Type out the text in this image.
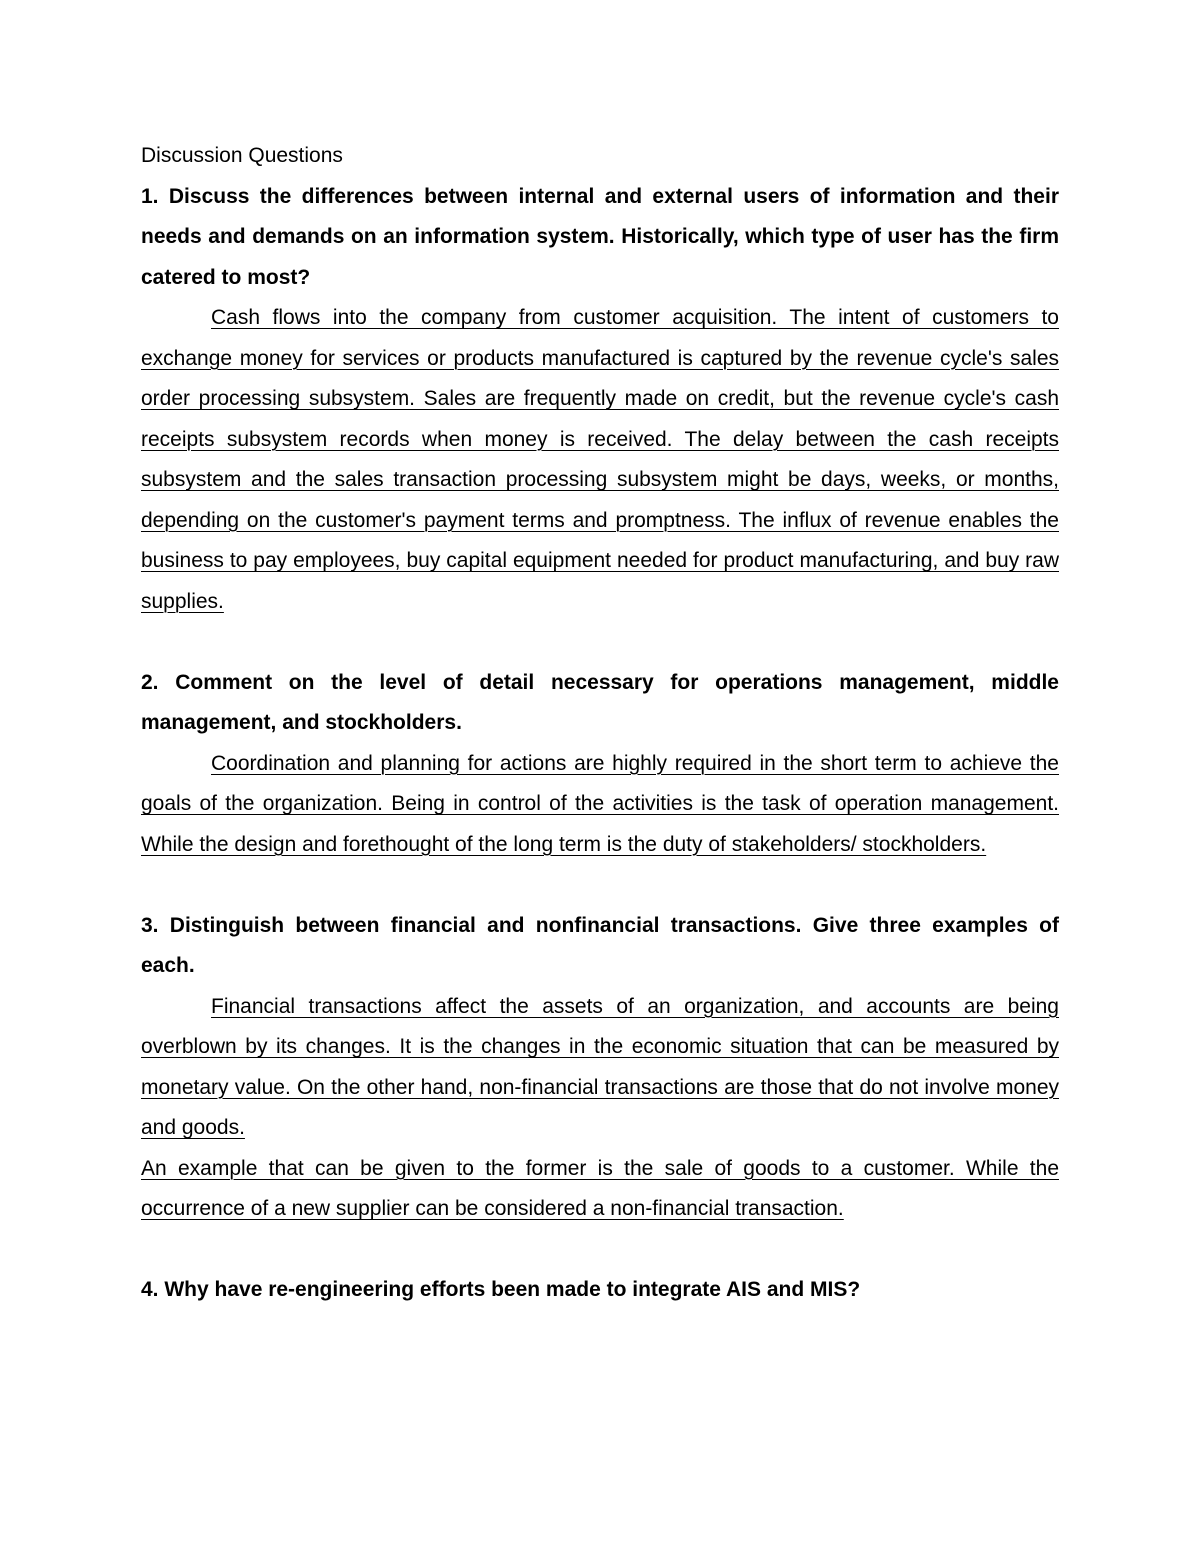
Discussion Questions

1. Discuss the differences between internal and external users of information and their needs and demands on an information system. Historically, which type of user has the firm catered to most?

Cash flows into the company from customer acquisition. The intent of customers to exchange money for services or products manufactured is captured by the revenue cycle's sales order processing subsystem. Sales are frequently made on credit, but the revenue cycle's cash receipts subsystem records when money is received. The delay between the cash receipts subsystem and the sales transaction processing subsystem might be days, weeks, or months, depending on the customer's payment terms and promptness. The influx of revenue enables the business to pay employees, buy capital equipment needed for product manufacturing, and buy raw supplies.

2. Comment on the level of detail necessary for operations management, middle management, and stockholders.

Coordination and planning for actions are highly required in the short term to achieve the goals of the organization. Being in control of the activities is the task of operation management. While the design and forethought of the long term is the duty of stakeholders/ stockholders.

3. Distinguish between financial and nonfinancial transactions. Give three examples of each.

Financial transactions affect the assets of an organization, and accounts are being overblown by its changes. It is the changes in the economic situation that can be measured by monetary value. On the other hand, non-financial transactions are those that do not involve money and goods.

An example that can be given to the former is the sale of goods to a customer. While the occurrence of a new supplier can be considered a non-financial transaction.

4. Why have re-engineering efforts been made to integrate AIS and MIS?
